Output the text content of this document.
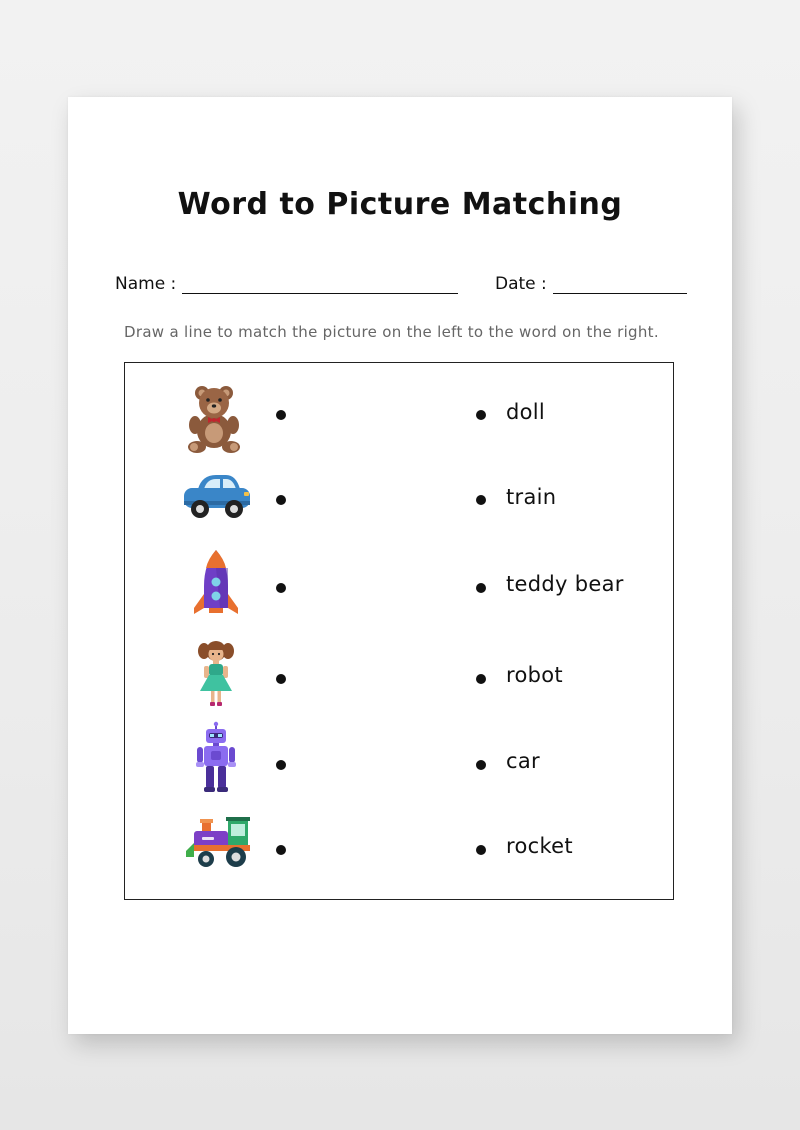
Word to Picture Matching
Name :	Date :
Draw a line to match the picture on the left to the word on the right.
doll
train
teddy bear
robot
car
rocket
